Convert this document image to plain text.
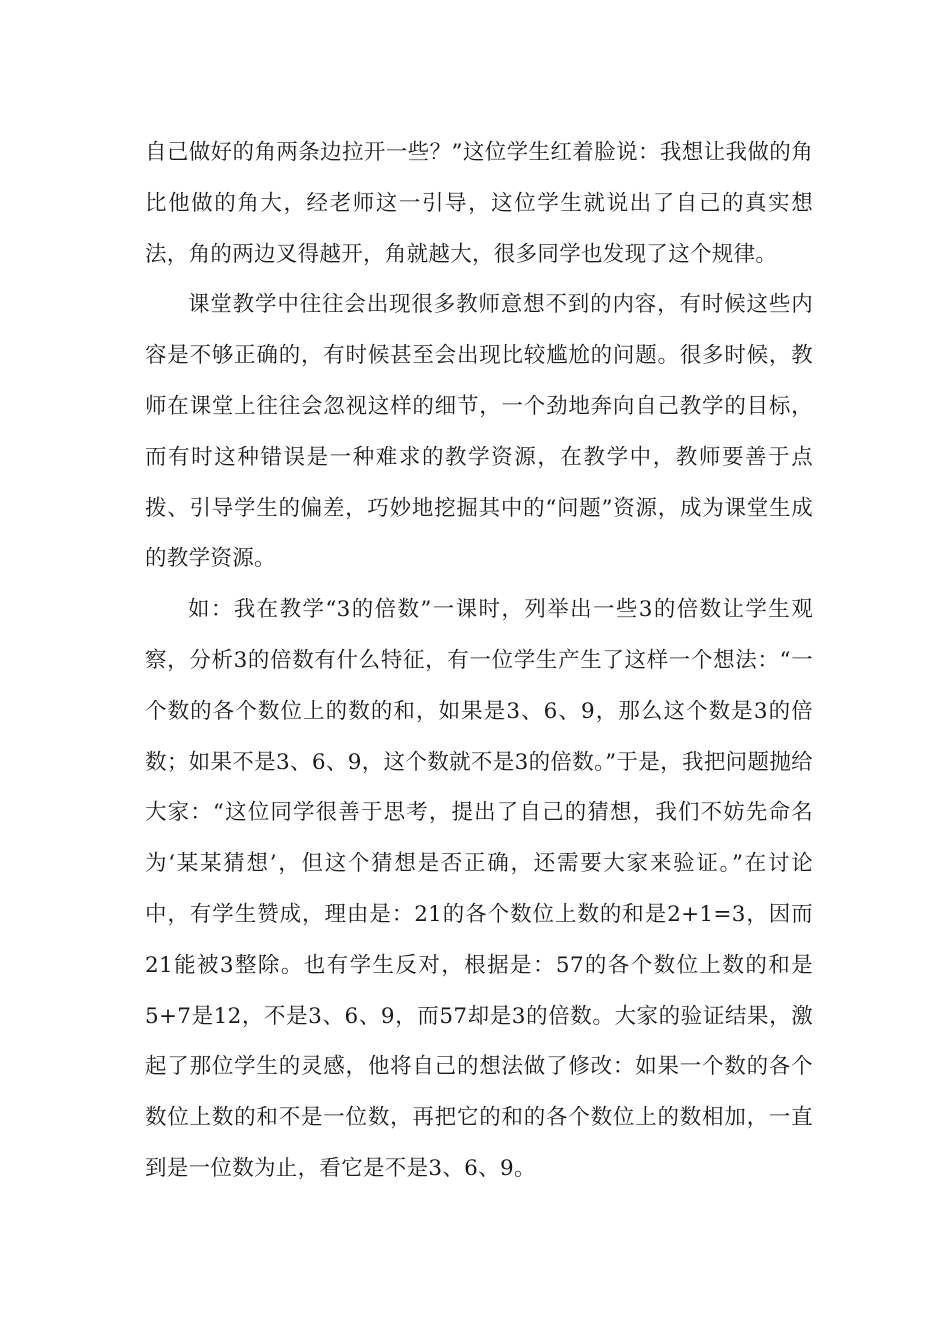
自己做好的角两条边拉开一些？”这位学生红着脸说：我想让我做的角比他做的角大，经老师这一引导，这位学生就说出了自己的真实想法，角的两边叉得越开，角就越大，很多同学也发现了这个规律。

课堂教学中往往会出现很多教师意想不到的内容，有时候这些内容是不够正确的，有时候甚至会出现比较尴尬的问题。很多时候，教师在课堂上往往会忽视这样的细节，一个劲地奔向自己教学的目标，而有时这种错误是一种难求的教学资源，在教学中，教师要善于点拨、引导学生的偏差，巧妙地挖掘其中的“问题”资源，成为课堂生成的教学资源。

如：我在教学“3的倍数”一课时，列举出一些3的倍数让学生观察，分析3的倍数有什么特征，有一位学生产生了这样一个想法：“一个数的各个数位上的数的和，如果是3、6、9，那么这个数是3的倍数；如果不是3、6、9，这个数就不是3的倍数。”于是，我把问题抛给大家：“这位同学很善于思考，提出了自己的猜想，我们不妨先命名为‘某某猜想’，但这个猜想是否正确，还需要大家来验证。”在讨论中，有学生赞成，理由是：21的各个数位上数的和是2+1=3，因而21能被3整除。也有学生反对，根据是：57的各个数位上数的和是5+7是12，不是3、6、9，而57却是3的倍数。大家的验证结果，激起了那位学生的灵感，他将自己的想法做了修改：如果一个数的各个数位上数的和不是一位数，再把它的和的各个数位上的数相加，一直到是一位数为止，看它是不是3、6、9。
